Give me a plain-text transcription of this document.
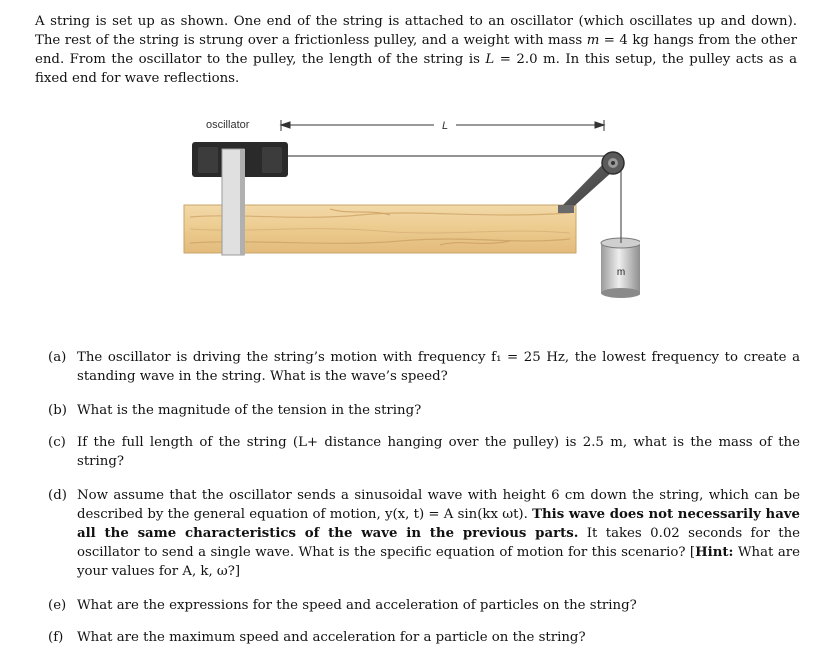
A string is set up as shown. One end of the string is attached to an oscillator (which oscillates up and down). The rest of the string is strung over a frictionless pulley, and a weight with mass m = 4 kg hangs from the other end. From the oscillator to the pulley, the length of the string is L = 2.0 m. In this setup, the pulley acts as a fixed end for wave reflections.
oscillator	L
m
(a) The oscillator is driving the string’s motion with frequency f₁ = 25 Hz, the lowest frequency to create a standing wave in the string. What is the wave’s speed?
(b) What is the magnitude of the tension in the string?
(c) If the full length of the string (L+ distance hanging over the pulley) is 2.5 m, what is the mass of the string?
(d) Now assume that the oscillator sends a sinusoidal wave with height 6 cm down the string, which can be described by the general equation of motion, y(x, t) = A sin(kx ωt). This wave does not necessarily have all the same characteristics of the wave in the previous parts. It takes 0.02 seconds for the oscillator to send a single wave. What is the specific equation of motion for this scenario? [Hint: What are your values for A, k, ω?]
(e) What are the expressions for the speed and acceleration of particles on the string?
(f) What are the maximum speed and acceleration for a particle on the string?
